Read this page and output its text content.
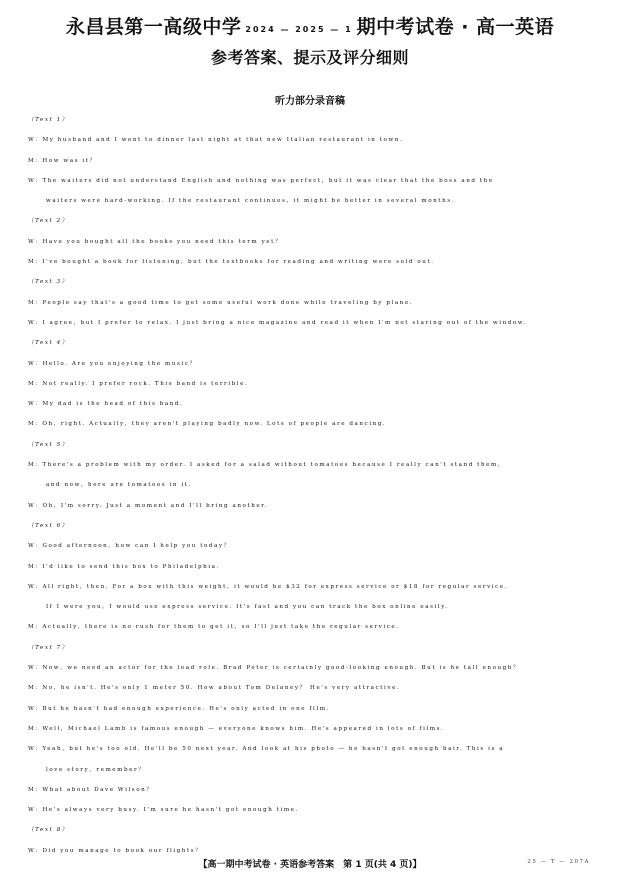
永昌县第一高级中学 2024 — 2025 — 1 期中考试卷 · 高一英语
参考答案、提示及评分细则
听力部分录音稿
（Text 1）
W：My husband and I went to dinner last night at that new Italian restaurant in town.
M：How was it？
W：The waiters did not understand English and nothing was perfect，but it was clear that the boss and the
waiters were hard-working. If the restaurant continues，it might be better in several months.
（Text 2）
W：Have you bought all the books you need this term yet？
M：I've bought a book for listening，but the textbooks for reading and writing were sold out.
（Text 3）
M：People say that's a good time to get some useful work done while traveling by plane.
W：I agree，but I prefer to relax. I just bring a nice magazine and read it when I'm not staring out of the window.
（Text 4）
W：Hello. Are you enjoying the music？
M：Not really. I prefer rock. This band is terrible.
W：My dad is the head of this band.
M：Oh，right. Actually，they aren't playing badly now. Lots of people are dancing.
（Text 5）
M：There's a problem with my order. I asked for a salad without tomatoes because I really can't stand them，
and now，here are tomatoes in it.
W：Oh，I'm sorry. Just a moment and I'll bring another.
（Text 6）
W：Good afternoon，how can I help you today？
M：I'd like to send this box to Philadelphia.
W：All right，then. For a box with this weight，it would be $32 for express service or $18 for regular service.
If I were you，I would use express service. It's fast and you can track the box online easily.
M：Actually，there is no rush for them to get it，so I'll just take the regular service.
（Text 7）
W：Now，we need an actor for the lead role. Brad Peter is certainly good-looking enough. But is he tall enough？
M：No，he isn't. He's only 1 meter 50. How about Tom Delaney？ He's very attractive.
W：But he hasn't had enough experience. He's only acted in one film.
M：Well，Michael Lamb is famous enough — everyone knows him. He's appeared in lots of films.
W：Yeah，but he's too old. He'll be 50 next year. And look at his photo — he hasn't got enough hair. This is a
love story，remember？
M：What about Dave Wilson？
W：He's always very busy. I'm sure he hasn't got enough time.
（Text 8）
W：Did you manage to book our flights？
【高一期中考试卷 · 英语参考答案　第 1 页(共 4 页)】	25 — T — 207A
